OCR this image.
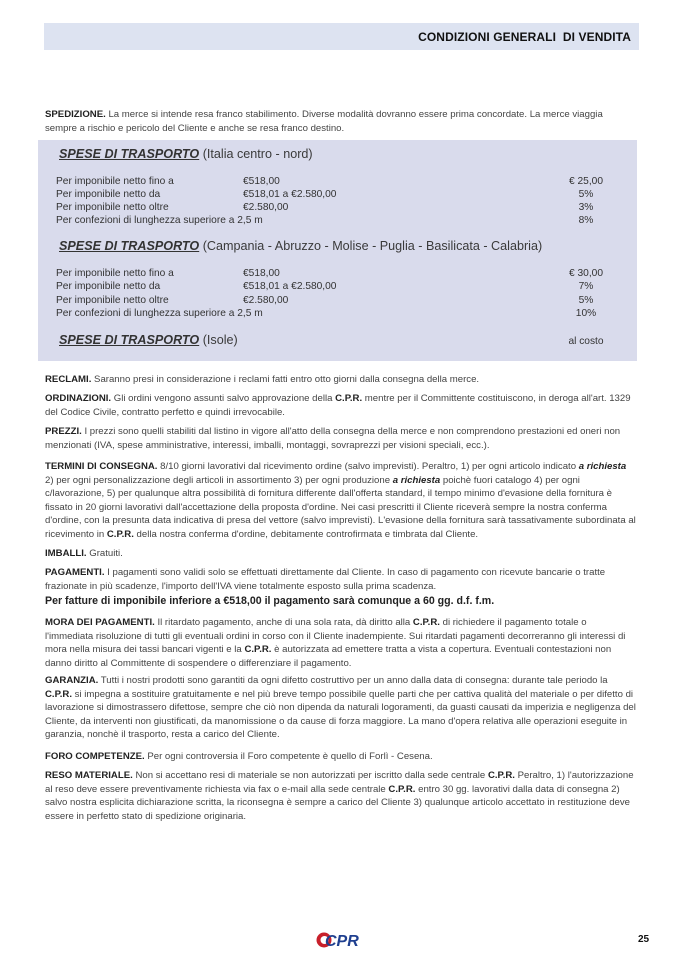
CONDIZIONI GENERALI  DI VENDITA
SPEDIZIONE. La merce si intende resa franco stabilimento. Diverse modalità dovranno essere prima concordate. La merce viaggia sempre a rischio e pericolo del Cliente e anche se resa franco destino.
SPESE DI TRASPORTO (Italia centro - nord)
Per imponibile netto fino a	€518,00	€ 25,00
Per imponibile netto da	€518,01 a €2.580,00	5%
Per imponibile netto oltre	€2.580,00	3%
Per confezioni di lunghezza superiore a 2,5 m	8%
SPESE DI TRASPORTO (Campania - Abruzzo - Molise - Puglia - Basilicata - Calabria)
Per imponibile netto fino a	€518,00	€ 30,00
Per imponibile netto da	€518,01 a €2.580,00	7%
Per imponibile netto oltre	€2.580,00	5%
Per confezioni di lunghezza superiore a 2,5 m	10%
SPESE DI TRASPORTO (Isole)	al costo
RECLAMI. Saranno presi in considerazione i reclami fatti entro otto giorni dalla consegna della merce.
ORDINAZIONI. Gli ordini vengono assunti salvo approvazione della C.P.R. mentre per il Committente costituiscono, in deroga all'art. 1329 del Codice Civile, contratto perfetto e quindi irrevocabile.
PREZZI. I prezzi sono quelli stabiliti dal listino in vigore all'atto della consegna della merce e non comprendono prestazioni ed oneri non menzionati (IVA, spese amministrative, interessi, imballi, montaggi, sovraprezzi per visioni speciali, ecc.).
TERMINI DI CONSEGNA. 8/10 giorni lavorativi dal ricevimento ordine (salvo imprevisti). Peraltro, 1) per ogni articolo indicato a richiesta 2) per ogni personalizzazione degli articoli in assortimento 3) per ogni produzione a richiesta poichè fuori catalogo 4) per ogni c/lavorazione, 5) per qualunque altra possibilità di fornitura differente dall'offerta standard, il tempo minimo d'evasione della fornitura è fissato in 20 giorni lavorativi dall'accettazione della proposta d'ordine. Nei casi prescritti il Cliente riceverà sempre la nostra conferma d'ordine, con la presunta data indicativa di presa del vettore (salvo imprevisti). L'evasione della fornitura sarà tassativamente subordinata al ricevimento in C.P.R. della nostra conferma d'ordine, debitamente controfirmata e timbrata dal Cliente.
IMBALLI. Gratuiti.
PAGAMENTI. I pagamenti sono validi solo se effettuati direttamente dal Cliente. In caso di pagamento con ricevute bancarie o tratte frazionate in più scadenze, l'importo dell'IVA viene totalmente esposto sulla prima scadenza.
Per fatture di imponibile inferiore a €518,00 il pagamento sarà comunque a 60 gg. d.f. f.m.
MORA DEI PAGAMENTI. Il ritardato pagamento, anche di una sola rata, dà diritto alla C.P.R. di richiedere il pagamento totale o l'immediata risoluzione di tutti gli eventuali ordini in corso con il Cliente inadempiente. Sui ritardati pagamenti decorreranno gli interessi di mora nella misura dei tassi bancari vigenti e la C.P.R. è autorizzata ad emettere tratta a vista a copertura. Eventuali contestazioni non danno diritto al Committente di sospendere o differenziare il pagamento.
GARANZIA. Tutti i nostri prodotti sono garantiti da ogni difetto costruttivo per un anno dalla data di consegna: durante tale periodo la C.P.R. si impegna a sostituire gratuitamente e nel più breve tempo possibile quelle parti che per cattiva qualità del materiale o per difetto di lavorazione si dimostrassero difettose, sempre che ciò non dipenda da naturali logoramenti, da guasti causati da imperizia e negligenza del Cliente, da interventi non giustificati, da manomissione o da cause di forza maggiore. La mano d'opera relativa alle operazioni eseguite in garanzia, nonchè il trasporto, resta a carico del Cliente.
FORO COMPETENZE. Per ogni controversia il Foro competente è quello di Forlì - Cesena.
RESO MATERIALE. Non si accettano resi di materiale se non autorizzati per iscritto dalla sede centrale C.P.R. Peraltro, 1) l'autorizzazione al reso deve essere preventivamente richiesta via fax o e-mail alla sede centrale C.P.R. entro 30 gg. lavorativi dalla data di consegna 2) salvo nostra esplicita dichiarazione scritta, la riconsegna è sempre a carico del Cliente 3) qualunque articolo accettato in restituzione deve essere in perfetto stato di spedizione originaria.
CPR	25
